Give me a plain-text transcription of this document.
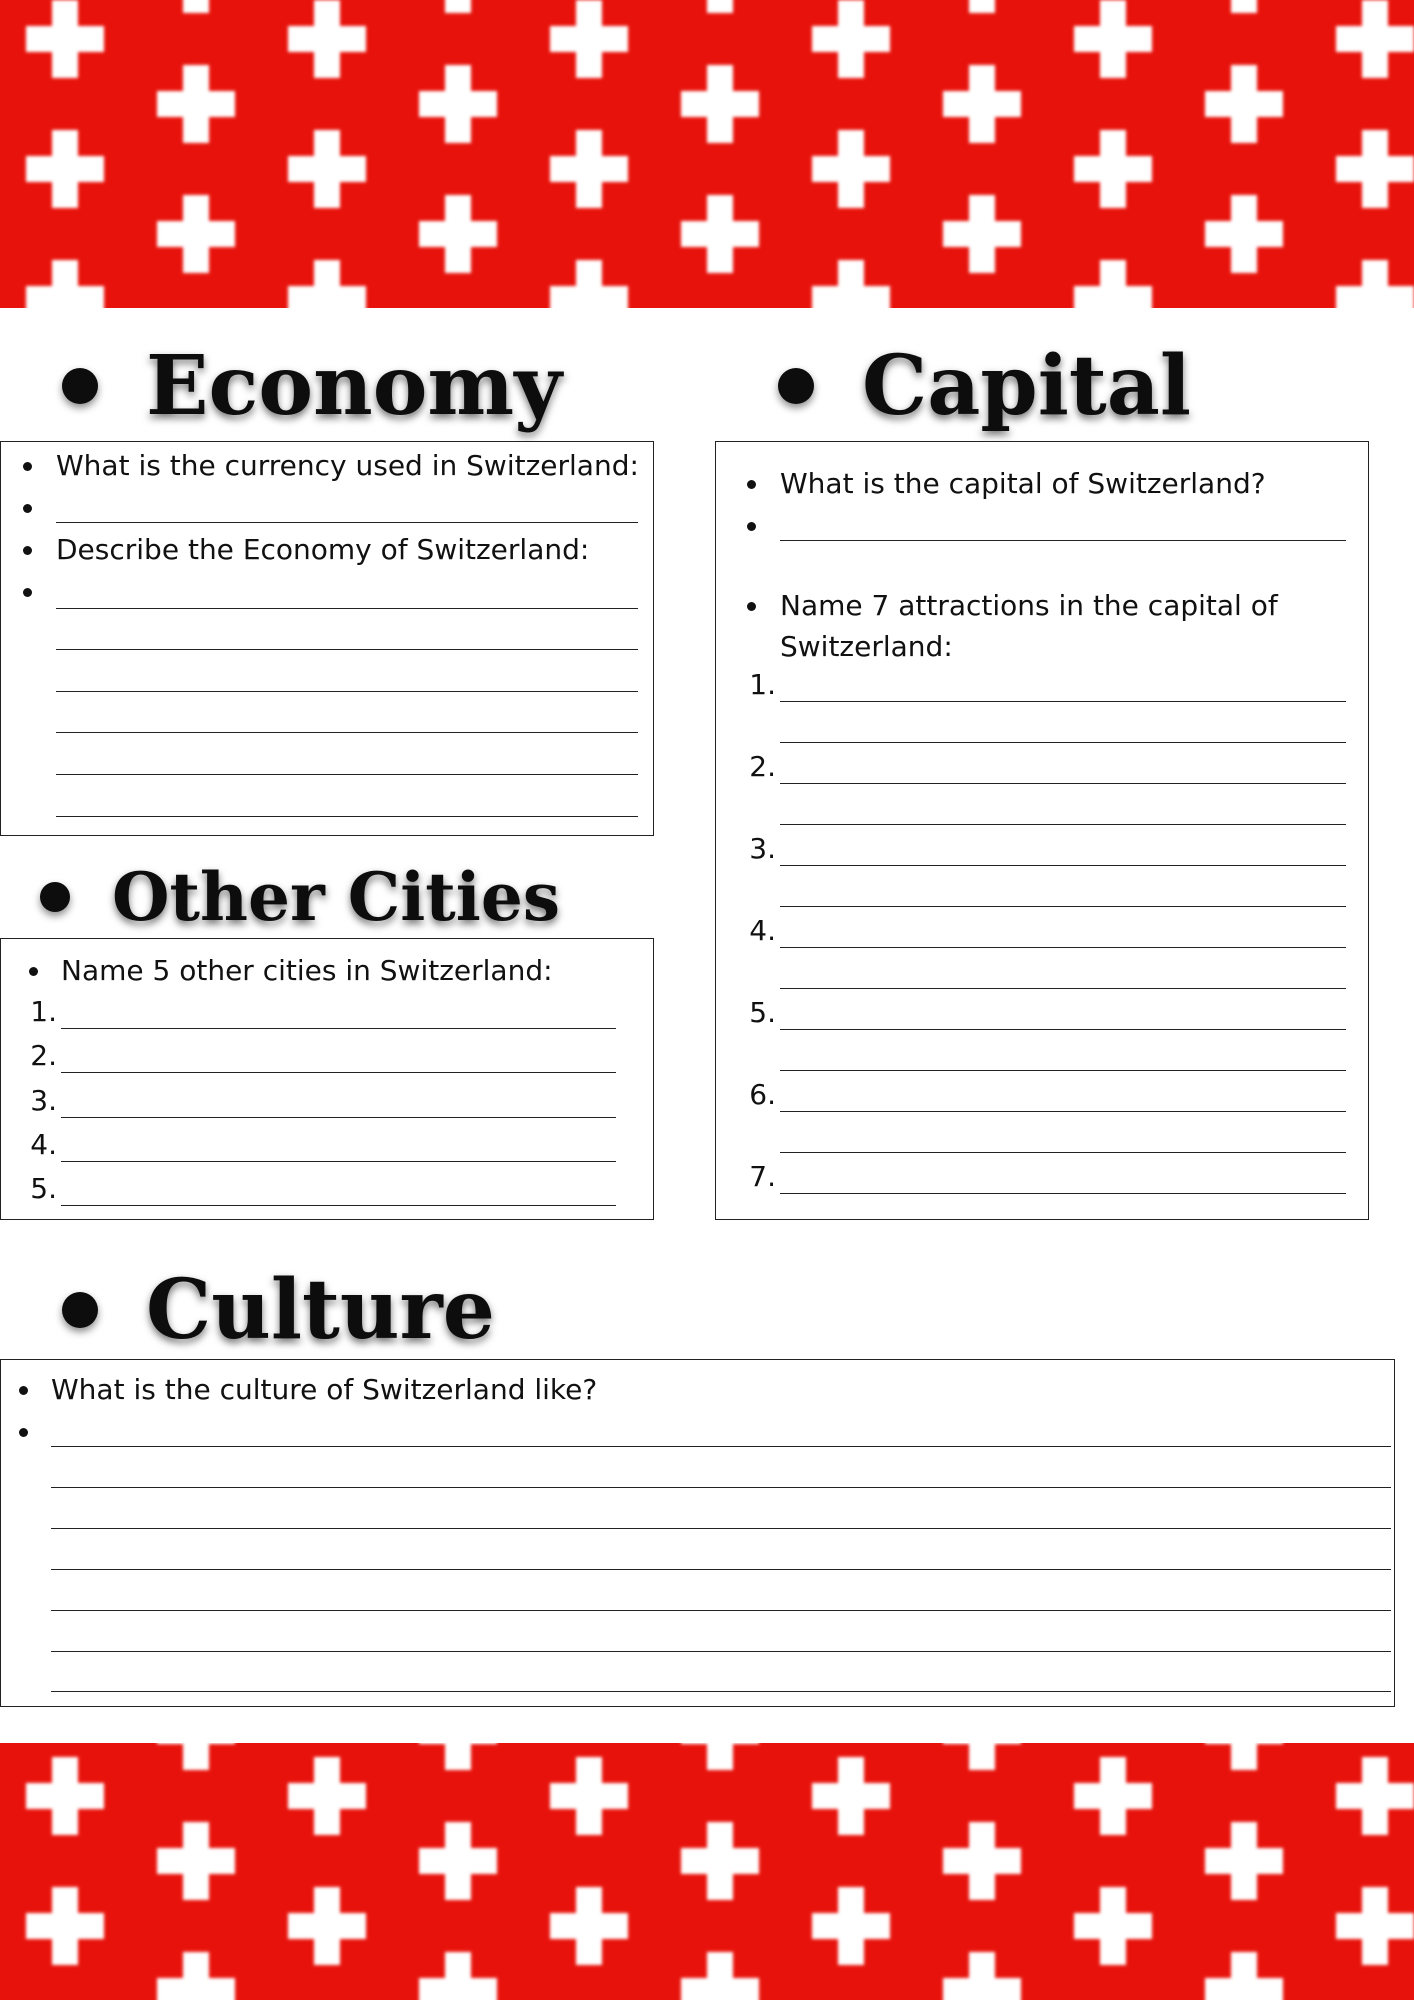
Economy
What is the currency used in Switzerland:
Describe the Economy of Switzerland:
Capital
What is the capital of Switzerland?
Name 7 attractions in the capital of
Switzerland:
1.
2.
3.
4.
5.
6.
7.
Other Cities
Name 5 other cities in Switzerland:
1.
2.
3.
4.
5.
Culture
What is the culture of Switzerland like?
